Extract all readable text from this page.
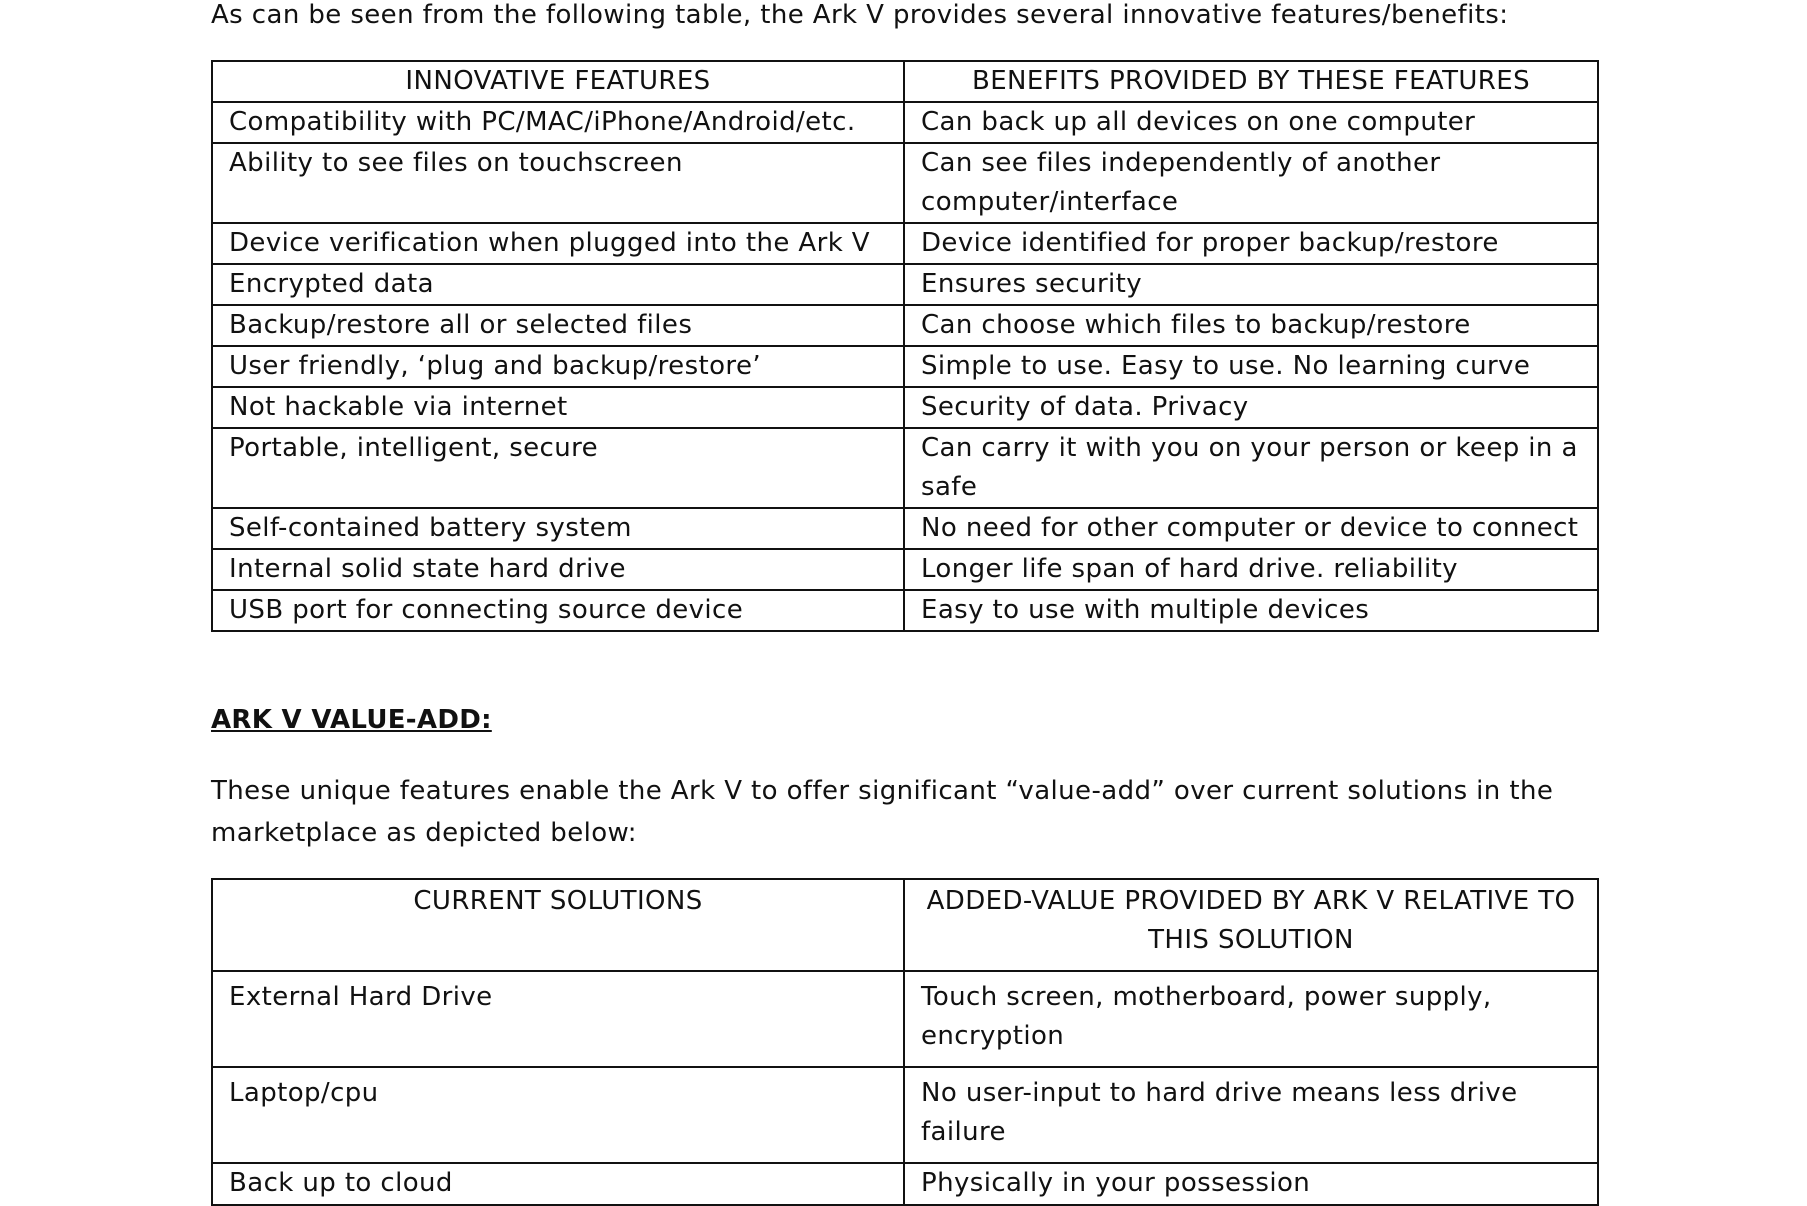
As can be seen from the following table, the Ark V provides several innovative features/benefits:
INNOVATIVE FEATURES	BENEFITS PROVIDED BY THESE FEATURES
Compatibility with PC/MAC/iPhone/Android/etc.	Can back up all devices on one computer
Ability to see files on touchscreen	Can see files independently of another computer/interface
Device verification when plugged into the Ark V	Device identified for proper backup/restore
Encrypted data	Ensures security
Backup/restore all or selected files	Can choose which files to backup/restore
User friendly, ‘plug and backup/restore’	Simple to use. Easy to use. No learning curve
Not hackable via internet	Security of data. Privacy
Portable, intelligent, secure	Can carry it with you on your person or keep in a safe
Self-contained battery system	No need for other computer or device to connect
Internal solid state hard drive	Longer life span of hard drive. reliability
USB port for connecting source device	Easy to use with multiple devices
ARK V VALUE-ADD:
These unique features enable the Ark V to offer significant “value-add” over current solutions in the marketplace as depicted below:
CURRENT SOLUTIONS	ADDED-VALUE PROVIDED BY ARK V RELATIVE TO THIS SOLUTION
External Hard Drive	Touch screen, motherboard, power supply, encryption
Laptop/cpu	No user-input to hard drive means less drive failure
Back up to cloud	Physically in your possession
